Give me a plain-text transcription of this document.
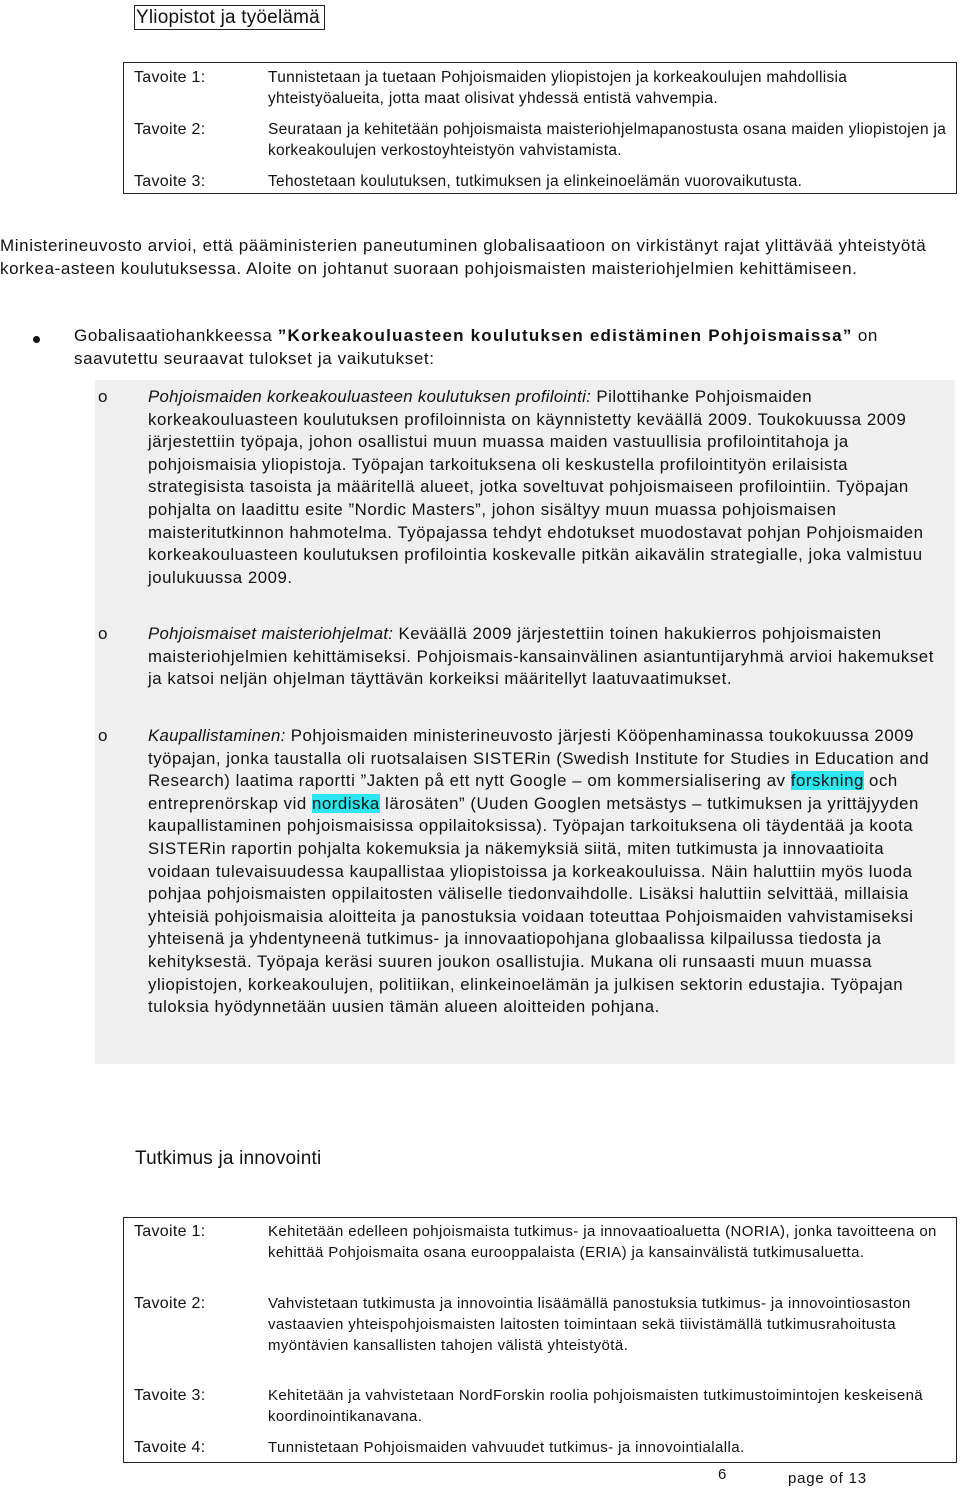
Yliopistot ja työelämä
Tavoite 1:	Tunnistetaan ja tuetaan Pohjoismaiden yliopistojen ja korkeakoulujen mahdollisia yhteistyöalueita, jotta maat olisivat yhdessä entistä vahvempia.
Tavoite 2:	Seurataan ja kehitetään pohjoismaista maisteriohjelmapanostusta osana maiden yliopistojen ja korkeakoulujen verkostoyhteistyön vahvistamista.
Tavoite 3:	Tehostetaan koulutuksen, tutkimuksen ja elinkeinoelämän vuorovaikutusta.
Ministerineuvosto arvioi, että pääministerien paneutuminen globalisaatioon on virkistänyt rajat ylittävää yhteistyötä korkea-asteen koulutuksessa. Aloite on johtanut suoraan pohjoismaisten maisteriohjelmien kehittämiseen.
Gobalisaatiohankkeessa ”Korkeakouluasteen koulutuksen edistäminen Pohjoismaissa” on saavutettu seuraavat tulokset ja vaikutukset:
o Pohjoismaiden korkeakouluasteen koulutuksen profilointi: Pilottihanke Pohjoismaiden korkeakouluasteen koulutuksen profiloinnista on käynnistetty keväällä 2009. Toukokuussa 2009 järjestettiin työpaja, johon osallistui muun muassa maiden vastuullisia profilointitahoja ja pohjoismaisia yliopistoja. Työpajan tarkoituksena oli keskustella profilointityön erilaisista strategisista tasoista ja määritellä alueet, jotka soveltuvat pohjoismaiseen profilointiin. Työpajan pohjalta on laadittu esite ”Nordic Masters”, johon sisältyy muun muassa pohjoismaisen maisteritutkinnon hahmotelma. Työpajassa tehdyt ehdotukset muodostavat pohjan Pohjoismaiden korkeakouluasteen koulutuksen profilointia koskevalle pitkän aikavälin strategialle, joka valmistuu joulukuussa 2009.
o Pohjoismaiset maisteriohjelmat: Keväällä 2009 järjestettiin toinen hakukierros pohjoismaisten maisteriohjelmien kehittämiseksi. Pohjoismais-kansainvälinen asiantuntijaryhmä arvioi hakemukset ja katsoi neljän ohjelman täyttävän korkeiksi määritellyt laatuvaatimukset.
o Kaupallistaminen: Pohjoismaiden ministerineuvosto järjesti Kööpenhaminassa toukokuussa 2009 työpajan, jonka taustalla oli ruotsalaisen SISTERin (Swedish Institute for Studies in Education and Research) laatima raportti ”Jakten på ett nytt Google – om kommersialisering av forskning och entreprenörskap vid nordiska lärosäten” (Uuden Googlen metsästys – tutkimuksen ja yrittäjyyden kaupallistaminen pohjoismaisissa oppilaitoksissa). Työpajan tarkoituksena oli täydentää ja koota SISTERin raportin pohjalta kokemuksia ja näkemyksiä siitä, miten tutkimusta ja innovaatioita voidaan tulevaisuudessa kaupallistaa yliopistoissa ja korkeakouluissa. Näin haluttiin myös luoda pohjaa pohjoismaisten oppilaitosten väliselle tiedonvaihdolle. Lisäksi haluttiin selvittää, millaisia yhteisiä pohjoismaisia aloitteita ja panostuksia voidaan toteuttaa Pohjoismaiden vahvistamiseksi yhteisenä ja yhdentyneenä tutkimus- ja innovaatiopohjana globaalissa kilpailussa tiedosta ja kehityksestä. Työpaja keräsi suuren joukon osallistujia. Mukana oli runsaasti muun muassa yliopistojen, korkeakoulujen, politiikan, elinkeinoelämän ja julkisen sektorin edustajia. Työpajan tuloksia hyödynnetään uusien tämän alueen aloitteiden pohjana.
Tutkimus ja innovointi
Tavoite 1:	Kehitetään edelleen pohjoismaista tutkimus- ja innovaatioaluetta (NORIA), jonka tavoitteena on kehittää Pohjoismaita osana eurooppalaista (ERIA) ja kansainvälistä tutkimusaluetta.
Tavoite 2:	Vahvistetaan tutkimusta ja innovointia lisäämällä panostuksia tutkimus- ja innovointiosaston vastaavien yhteispohjoismaisten laitosten toimintaan sekä tiivistämällä tutkimusrahoitusta myöntävien kansallisten tahojen välistä yhteistyötä.
Tavoite 3:	Kehitetään ja vahvistetaan NordForskin roolia pohjoismaisten tutkimustoimintojen keskeisenä koordinointikanavana.
Tavoite 4:	Tunnistetaan Pohjoismaiden vahvuudet tutkimus- ja innovointialalla.
6	page of 13
